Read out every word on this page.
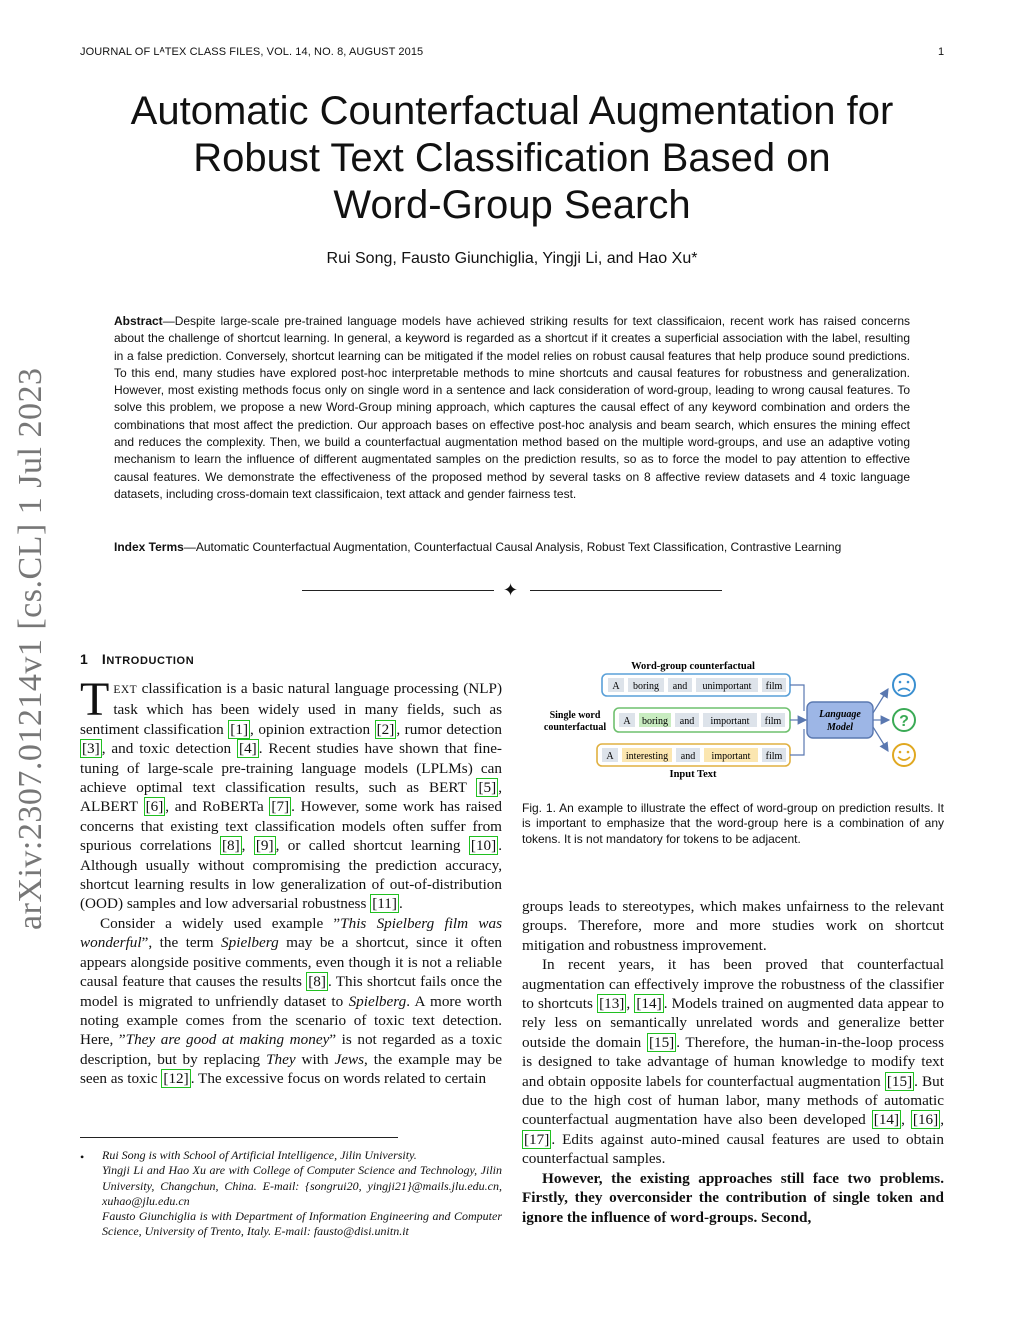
JOURNAL OF LᴬTEX CLASS FILES, VOL. 14, NO. 8, AUGUST 2015	1
Automatic Counterfactual Augmentation for
Robust Text Classification Based on
Word-Group Search
Rui Song, Fausto Giunchiglia, Yingji Li, and Hao Xu*
Abstract—Despite large-scale pre-trained language models have achieved striking results for text classificaion, recent work has raised concerns about the challenge of shortcut learning. In general, a keyword is regarded as a shortcut if it creates a superficial association with the label, resulting in a false prediction. Conversely, shortcut learning can be mitigated if the model relies on robust causal features that help produce sound predictions. To this end, many studies have explored post-hoc interpretable methods to mine shortcuts and causal features for robustness and generalization. However, most existing methods focus only on single word in a sentence and lack consideration of word-group, leading to wrong causal features. To solve this problem, we propose a new Word-Group mining approach, which captures the causal effect of any keyword combination and orders the combinations that most affect the prediction. Our approach bases on effective post-hoc analysis and beam search, which ensures the mining effect and reduces the complexity. Then, we build a counterfactual augmentation method based on the multiple word-groups, and use an adaptive voting mechanism to learn the influence of different augmentated samples on the prediction results, so as to force the model to pay attention to effective causal features. We demonstrate the effectiveness of the proposed method by several tasks on 8 affective review datasets and 4 toxic language datasets, including cross-domain text classificaion, text attack and gender fairness test.
Index Terms—Automatic Counterfactual Augmentation, Counterfactual Causal Analysis, Robust Text Classification, Contrastive Learning
✦
arXiv:2307.01214v1 [cs.CL] 1 Jul 2023 1 INTRODUCTION

TEXT classification is a basic natural language processing (NLP) task which has been widely used in many fields, such as sentiment classification [1] , opinion extraction [2] , rumor detection [3] , and toxic detection [4] . Recent studies have shown that fine-tuning of large-scale pre-training language models (LPLMs) can achieve optimal text classification results, such as BERT [5] , ALBERT [6] , and RoBERTa [7] . However, some work has raised concerns that existing text classification models often suffer from spurious correlations [8] , [9] , or called shortcut learning [10] . Although usually without compromising the prediction accuracy, shortcut learning results in low generalization of out-of-distribution (OOD) samples and low adversarial robustness [11] .

Consider a widely used example ”This Spielberg film was wonderful”, the term Spielberg may be a shortcut, since it often appears alongside positive comments, even though it is not a reliable causal feature that causes the results [8] . This shortcut fails once the model is migrated to unfriendly dataset to Spielberg. A more worth noting example comes from the scenario of toxic text detection. Here, ”They are good at making money” is not regarded as a toxic description, but by replacing They with Jews, the example may be seen as toxic [12] . The excessive focus on words related to certain

• Rui Song is with School of Artificial Intelligence, Jilin University.
Yingji Li and Hao Xu are with College of Computer Science and Technology, Jilin University, Changchun, China. E-mail: {songrui20, yingji21}@mails.jlu.edu.cn, xuhao@jlu.edu.cn
Fausto Giunchiglia is with Department of Information Engineering and Computer Science, University of Trento, Italy. E-mail: fausto@disi.unitn.it
Word-group counterfactual
Single word
counterfactual
Input Text
A boring and unimportant film
A boring and important film
A interesting and important film
Language
Model	?
Fig. 1. An example to illustrate the effect of word-group on prediction results. It is important to emphasize that the word-group here is a combination of any tokens. It is not mandatory for tokens to be adjacent.

groups leads to stereotypes, which makes unfairness to the relevant groups. Therefore, more and more studies work on shortcut mitigation and robustness improvement.

In recent years, it has been proved that counterfactual augmentation can effectively improve the robustness of the classifier to shortcuts [13] , [14] . Models trained on augmented data appear to rely less on semantically unrelated words and generalize better outside the domain [15] . Therefore, the human-in-the-loop process is designed to take advantage of human knowledge to modify text and obtain opposite labels for counterfactual augmentation [15] . But due to the high cost of human labor, many methods of automatic counterfactual augmentation have also been developed [14] , [16] , [17] . Edits against auto-mined causal features are used to obtain counterfactual samples.

However, the existing approaches still face two problems. Firstly, they overconsider the contribution of single token and ignore the influence of word-groups. Second,
